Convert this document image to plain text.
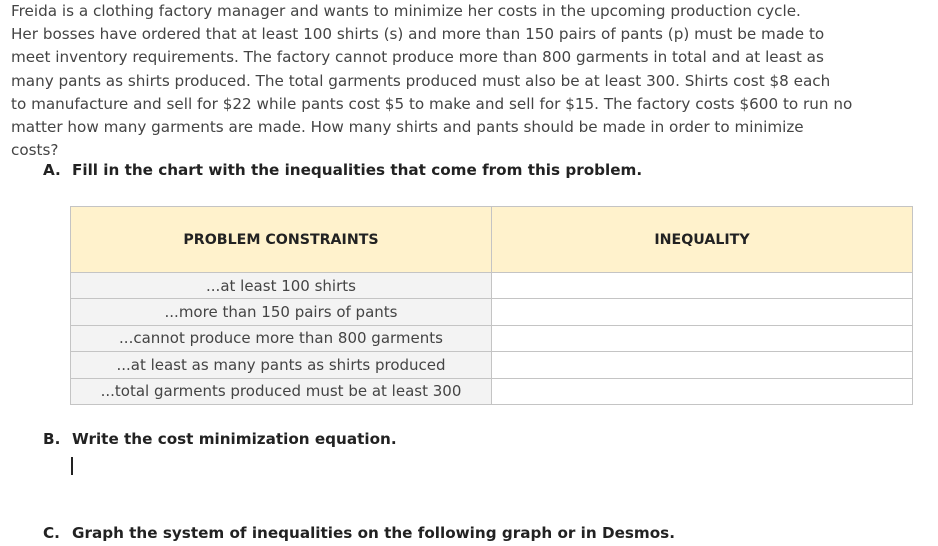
Freida is a clothing factory manager and wants to minimize her costs in the upcoming production cycle.
Her bosses have ordered that at least 100 shirts (s) and more than 150 pairs of pants (p) must be made to
meet inventory requirements. The factory cannot produce more than 800 garments in total and at least as
many pants as shirts produced. The total garments produced must also be at least 300. Shirts cost $8 each
to manufacture and sell for $22 while pants cost $5 to make and sell for $15. The factory costs $600 to run no
matter how many garments are made. How many shirts and pants should be made in order to minimize
costs?
A. Fill in the chart with the inequalities that come from this problem.
PROBLEM CONSTRAINTS	INEQUALITY
...at least 100 shirts	
...more than 150 pairs of pants	
...cannot produce more than 800 garments	
...at least as many pants as shirts produced	
...total garments produced must be at least 300	
B. Write the cost minimization equation.
C. Graph the system of inequalities on the following graph or in Desmos.
